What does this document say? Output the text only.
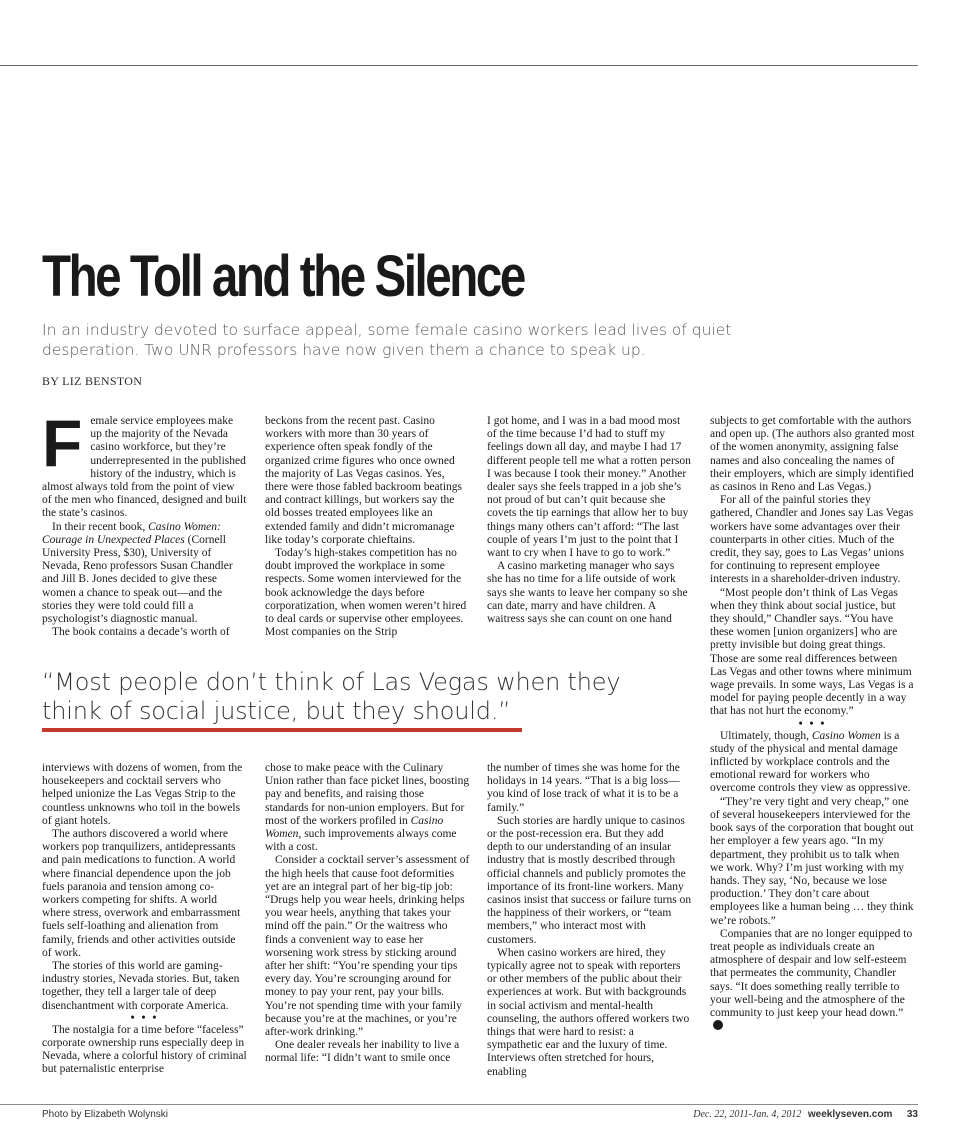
The Toll and the Silence

In an industry devoted to surface appeal, some female casino workers lead lives of quiet desperation. Two UNR professors have now given them a chance to speak up.

BY LIZ BENSTON

Female service employees make up the majority of the Nevada casino workforce, but they’re underrepresented in the published history of the industry, which is almost always told from the point of view of the men who financed, designed and built the state’s casinos.

In their recent book, Casino Women: Courage in Unexpected Places (Cornell University Press, $30), University of Nevada, Reno professors Susan Chandler and Jill B. Jones decided to give these women a chance to speak out—and the stories they were told could fill a psychologist’s diagnostic manual.

The book contains a decade’s worth of

beckons from the recent past. Casino workers with more than 30 years of experience often speak fondly of the organized crime figures who once owned the majority of Las Vegas casinos. Yes, there were those fabled backroom beatings and contract killings, but workers say the old bosses treated employees like an extended family and didn’t micromanage like today’s corporate chieftains.

Today’s high-stakes competition has no doubt improved the workplace in some respects. Some women interviewed for the book acknowledge the days before corporatization, when women weren’t hired to deal cards or supervise other employees. Most companies on the Strip

I got home, and I was in a bad mood most of the time because I’d had to stuff my feelings down all day, and maybe I had 17 different people tell me what a rotten person I was because I took their money.” Another dealer says she feels trapped in a job she’s not proud of but can’t quit because she covets the tip earnings that allow her to buy things many others can’t afford: “The last couple of years I’m just to the point that I want to cry when I have to go to work.”

A casino marketing manager who says she has no time for a life outside of work says she wants to leave her company so she can date, marry and have children. A waitress says she can count on one hand

subjects to get comfortable with the authors and open up. (The authors also granted most of the women anonymity, assigning false names and also concealing the names of their employers, which are simply identified as casinos in Reno and Las Vegas.)

For all of the painful stories they gathered, Chandler and Jones say Las Vegas workers have some advantages over their counterparts in other cities. Much of the credit, they say, goes to Las Vegas’ unions for continuing to represent employee interests in a shareholder-driven industry.

“Most people don’t think of Las Vegas when they think about social justice, but they should,” Chandler says. “You have these women [union organizers] who are pretty invisible but doing great things. Those are some real differences between Las Vegas and other towns where minimum wage prevails. In some ways, Las Vegas is a model for paying people decently in a way that has not hurt the economy.”

• • •

Ultimately, though, Casino Women is a study of the physical and mental damage inflicted by workplace controls and the emotional reward for workers who overcome controls they view as oppressive.

“They’re very tight and very cheap,” one of several housekeepers interviewed for the book says of the corporation that bought out her employer a few years ago. “In my department, they prohibit us to talk when we work. Why? I’m just working with my hands. They say, ‘No, because we lose production.’ They don’t care about employees like a human being … they think we’re robots.”

Companies that are no longer equipped to treat people as individuals create an atmosphere of despair and low self-esteem that permeates the community, Chandler says. “It does something really terrible to your well-being and the atmosphere of the community to just keep your head down.”

“Most people don’t think of Las Vegas when they think of social justice, but they should.”

interviews with dozens of women, from the housekeepers and cocktail servers who helped unionize the Las Vegas Strip to the countless unknowns who toil in the bowels of giant hotels.

The authors discovered a world where workers pop tranquilizers, antidepressants and pain medications to function. A world where financial dependence upon the job fuels paranoia and tension among co-workers competing for shifts. A world where stress, overwork and embarrassment fuels self-loathing and alienation from family, friends and other activities outside of work.

The stories of this world are gaming-industry stories, Nevada stories. But, taken together, they tell a larger tale of deep disenchantment with corporate America.

• • •

The nostalgia for a time before “faceless” corporate ownership runs especially deep in Nevada, where a colorful history of criminal but paternalistic enterprise

chose to make peace with the Culinary Union rather than face picket lines, boosting pay and benefits, and raising those standards for non-union employers. But for most of the workers profiled in Casino Women, such improvements always come with a cost.

Consider a cocktail server’s assessment of the high heels that cause foot deformities yet are an integral part of her big-tip job: “Drugs help you wear heels, drinking helps you wear heels, anything that takes your mind off the pain.” Or the waitress who finds a convenient way to ease her worsening work stress by sticking around after her shift: “You’re spending your tips every day. You’re scrounging around for money to pay your rent, pay your bills. You’re not spending time with your family because you’re at the machines, or you’re after-work drinking.”

One dealer reveals her inability to live a normal life: “I didn’t want to smile once

the number of times she was home for the holidays in 14 years. “That is a big loss—you kind of lose track of what it is to be a family.”

Such stories are hardly unique to casinos or the post-recession era. But they add depth to our understanding of an insular industry that is mostly described through official channels and publicly promotes the importance of its front-line workers. Many casinos insist that success or failure turns on the happiness of their workers, or “team members,” who interact most with customers.

When casino workers are hired, they typically agree not to speak with reporters or other members of the public about their experiences at work. But with backgrounds in social activism and mental-health counseling, the authors offered workers two things that were hard to resist: a sympathetic ear and the luxury of time. Interviews often stretched for hours, enabling

Photo by Elizabeth Wolynski	Dec. 22, 2011-Jan. 4, 2012 weeklyseven.com 33
